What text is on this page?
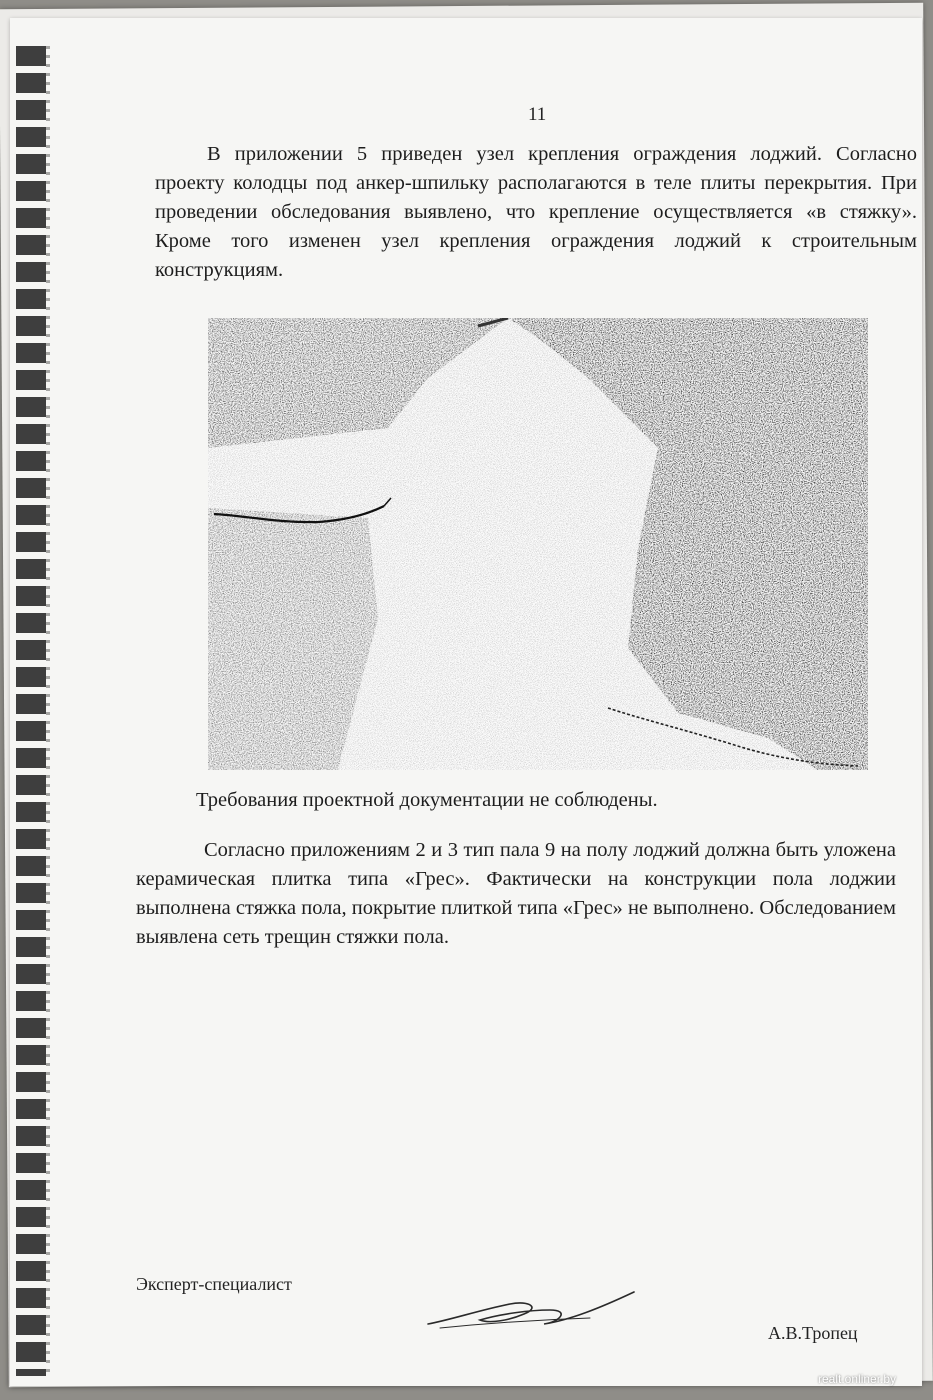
11

В приложении 5 приведен узел крепления ограждения лоджий. Согласно проекту колодцы под анкер-шпильку располагаются в теле плиты перекрытия. При проведении обследования выявлено, что крепление осуществляется «в стяжку». Кроме того изменен узел крепления ограждения лоджий к строительным конструкциям.

Требования проектной документации не соблюдены.

Согласно приложениям 2 и 3 тип пала 9 на полу лоджий должна быть уложена керамическая плитка типа «Грес». Фактически на конструкции пола лоджии выполнена стяжка пола, покрытие плиткой типа «Грес» не выполнено. Обследованием выявлена сеть трещин стяжки пола.

Эксперт-специалист
А.В.Тропец
realt.onliner.by
